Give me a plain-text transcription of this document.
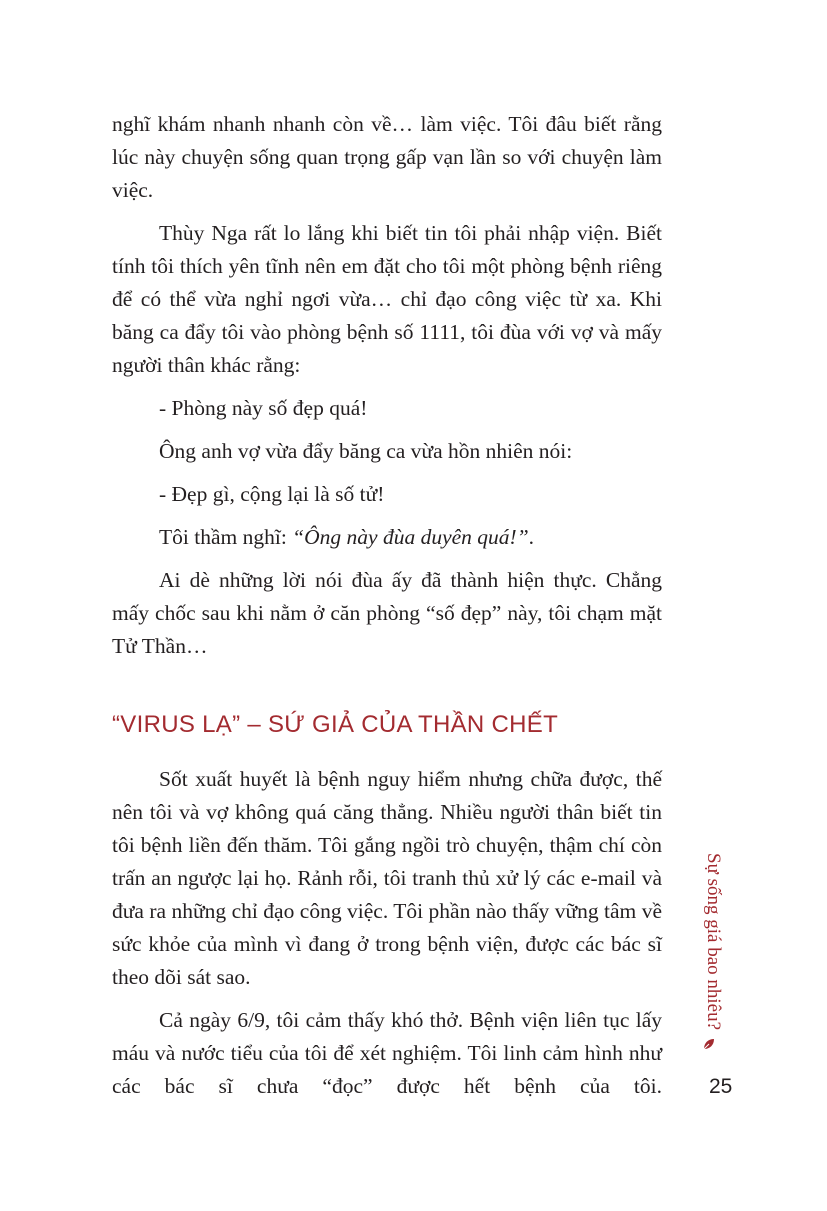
nghĩ khám nhanh nhanh còn về… làm việc. Tôi đâu biết rằng lúc này chuyện sống quan trọng gấp vạn lần so với chuyện làm việc.

Thùy Nga rất lo lắng khi biết tin tôi phải nhập viện. Biết tính tôi thích yên tĩnh nên em đặt cho tôi một phòng bệnh riêng để có thể vừa nghỉ ngơi vừa… chỉ đạo công việc từ xa. Khi băng ca đẩy tôi vào phòng bệnh số 1111, tôi đùa với vợ và mấy người thân khác rằng:

- Phòng này số đẹp quá!

Ông anh vợ vừa đẩy băng ca vừa hồn nhiên nói:

- Đẹp gì, cộng lại là số tử!

Tôi thầm nghĩ: “Ông này đùa duyên quá!”.

Ai dè những lời nói đùa ấy đã thành hiện thực. Chẳng mấy chốc sau khi nằm ở căn phòng “số đẹp” này, tôi chạm mặt Tử Thần…

“VIRUS LẠ” – SỨ GIẢ CỦA THẦN CHẾT

Sốt xuất huyết là bệnh nguy hiểm nhưng chữa được, thế nên tôi và vợ không quá căng thẳng. Nhiều người thân biết tin tôi bệnh liền đến thăm. Tôi gắng ngồi trò chuyện, thậm chí còn trấn an ngược lại họ. Rảnh rỗi, tôi tranh thủ xử lý các e-mail và đưa ra những chỉ đạo công việc. Tôi phần nào thấy vững tâm về sức khỏe của mình vì đang ở trong bệnh viện, được các bác sĩ theo dõi sát sao.

Cả ngày 6/9, tôi cảm thấy khó thở. Bệnh viện liên tục lấy máu và nước tiểu của tôi để xét nghiệm. Tôi linh cảm hình như các bác sĩ chưa “đọc” được hết bệnh của tôi.

Sự sống giá bao nhiêu?
25
